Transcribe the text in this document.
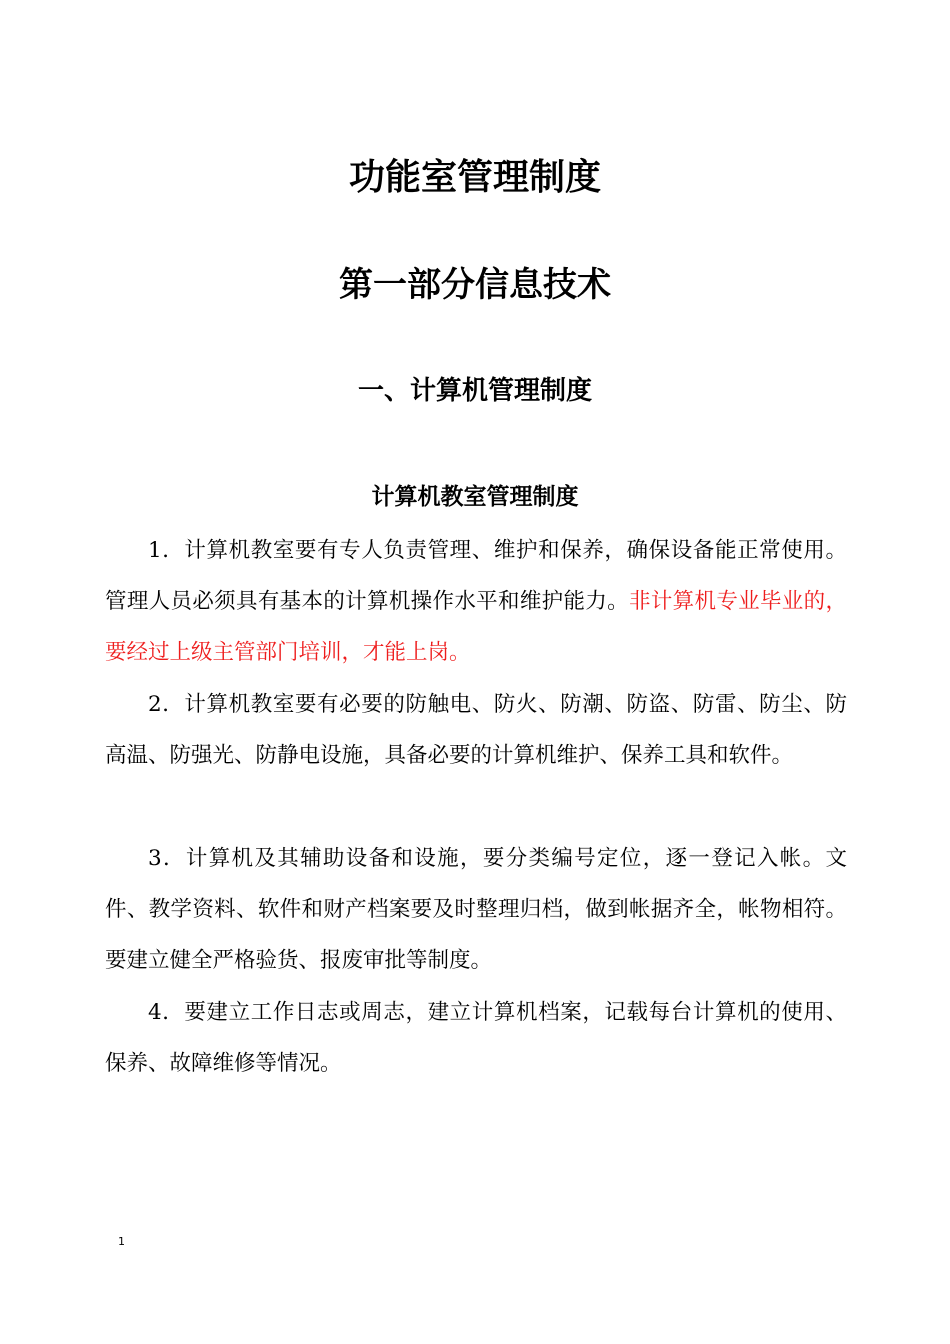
功能室管理制度
第一部分信息技术
一、计算机管理制度
计算机教室管理制度

1．计算机教室要有专人负责管理、维护和保养，确保设备能正常使用。管理人员必须具有基本的计算机操作水平和维护能力。非计算机专业毕业的，要经过上级主管部门培训，才能上岗。

2．计算机教室要有必要的防触电、防火、防潮、防盗、防雷、防尘、防高温、防强光、防静电设施，具备必要的计算机维护、保养工具和软件。

3．计算机及其辅助设备和设施，要分类编号定位，逐一登记入帐。文件、教学资料、软件和财产档案要及时整理归档，做到帐据齐全，帐物相符。要建立健全严格验货、报废审批等制度。

4．要建立工作日志或周志，建立计算机档案，记载每台计算机的使用、保养、故障维修等情况。

1
